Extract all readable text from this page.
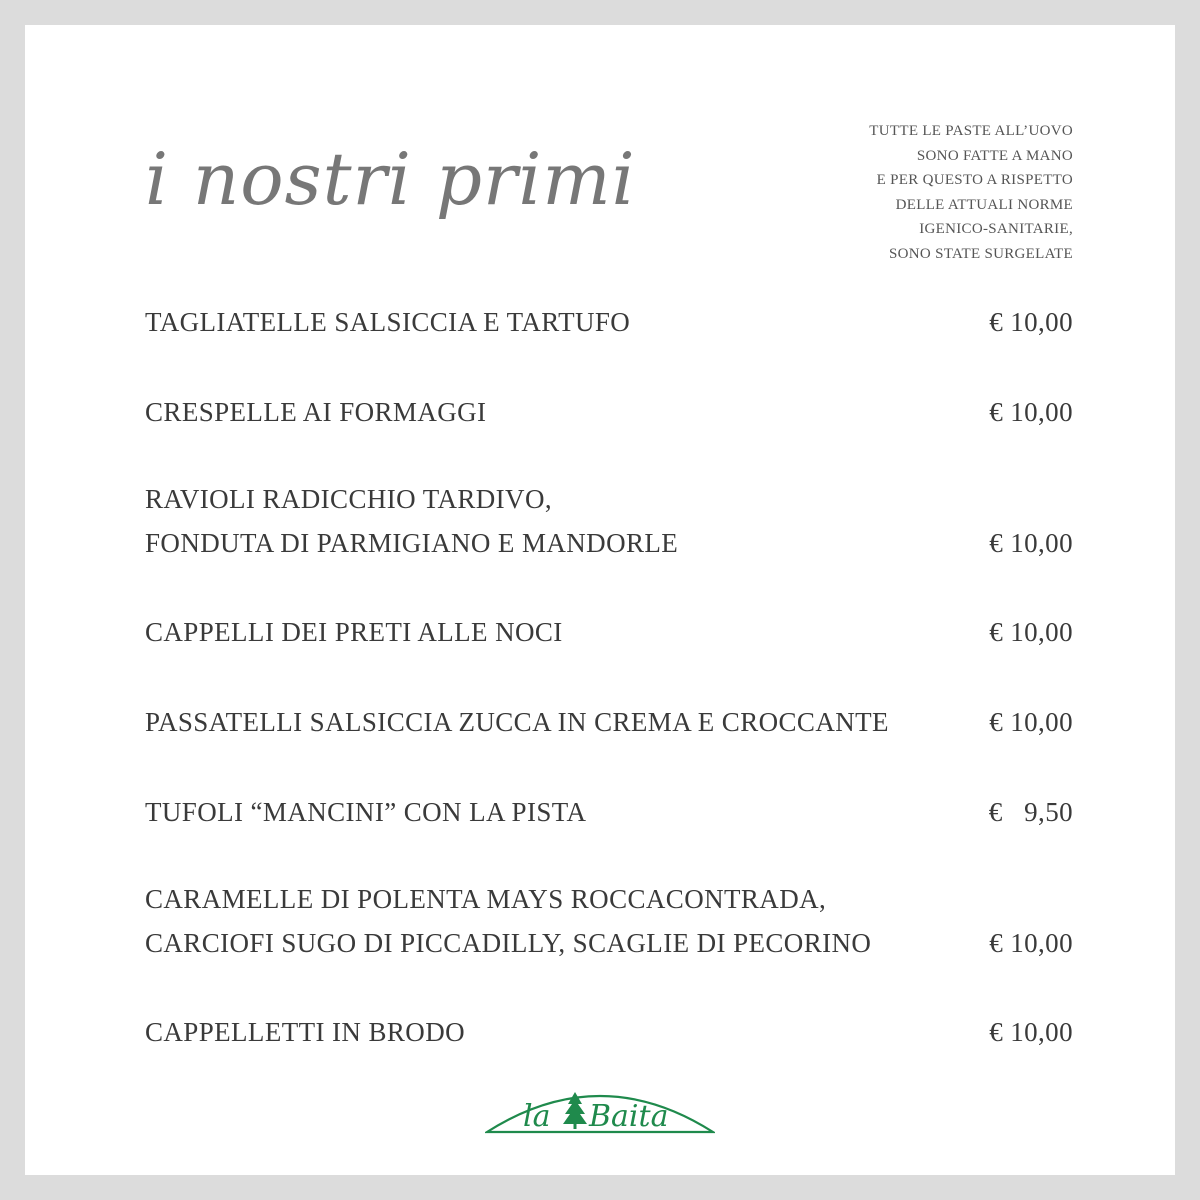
i nostri primi
TUTTE LE PASTE ALL’UOVO
SONO FATTE A MANO
E PER QUESTO A RISPETTO
DELLE ATTUALI NORME
IGENICO-SANITARIE,
SONO STATE SURGELATE
TAGLIATELLE SALSICCIA E TARTUFO	€ 10,00
CRESPELLE AI FORMAGGI	€ 10,00
RAVIOLI RADICCHIO TARDIVO,
FONDUTA DI PARMIGIANO E MANDORLE	€ 10,00
CAPPELLI DEI PRETI ALLE NOCI	€ 10,00
PASSATELLI SALSICCIA ZUCCA IN CREMA E CROCCANTE	€ 10,00
TUFOLI “MANCINI” CON LA PISTA	€   9,50
CARAMELLE DI POLENTA MAYS ROCCACONTRADA,
CARCIOFI SUGO DI PICCADILLY, SCAGLIE DI PECORINO	€ 10,00
CAPPELLETTI IN BRODO	€ 10,00
la Baita
